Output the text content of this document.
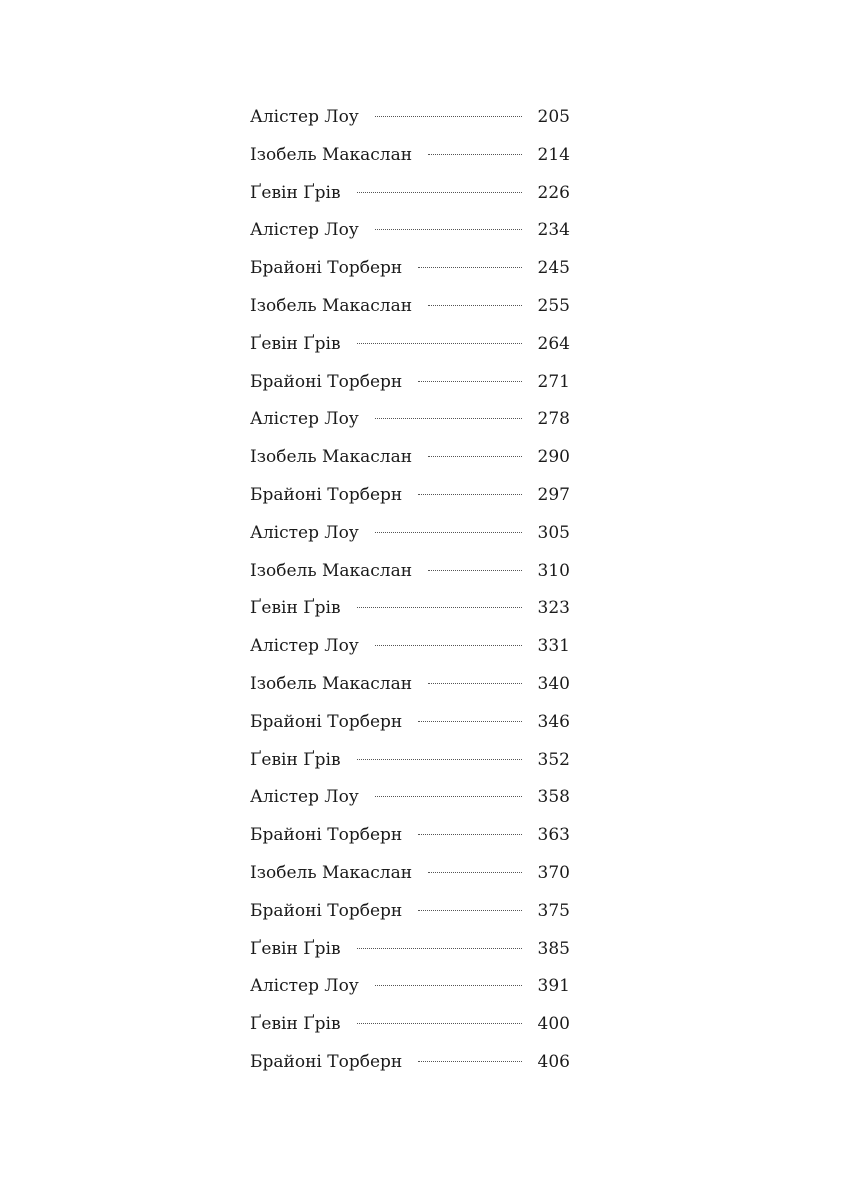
Алістер Лоу	205
Ізобель Макаслан	214
Ґевін Ґрів	226
Алістер Лоу	234
Брайоні Торберн	245
Ізобель Макаслан	255
Ґевін Ґрів	264
Брайоні Торберн	271
Алістер Лоу	278
Ізобель Макаслан	290
Брайоні Торберн	297
Алістер Лоу	305
Ізобель Макаслан	310
Ґевін Ґрів	323
Алістер Лоу	331
Ізобель Макаслан	340
Брайоні Торберн	346
Ґевін Ґрів	352
Алістер Лоу	358
Брайоні Торберн	363
Ізобель Макаслан	370
Брайоні Торберн	375
Ґевін Ґрів	385
Алістер Лоу	391
Ґевін Ґрів	400
Брайоні Торберн	406
